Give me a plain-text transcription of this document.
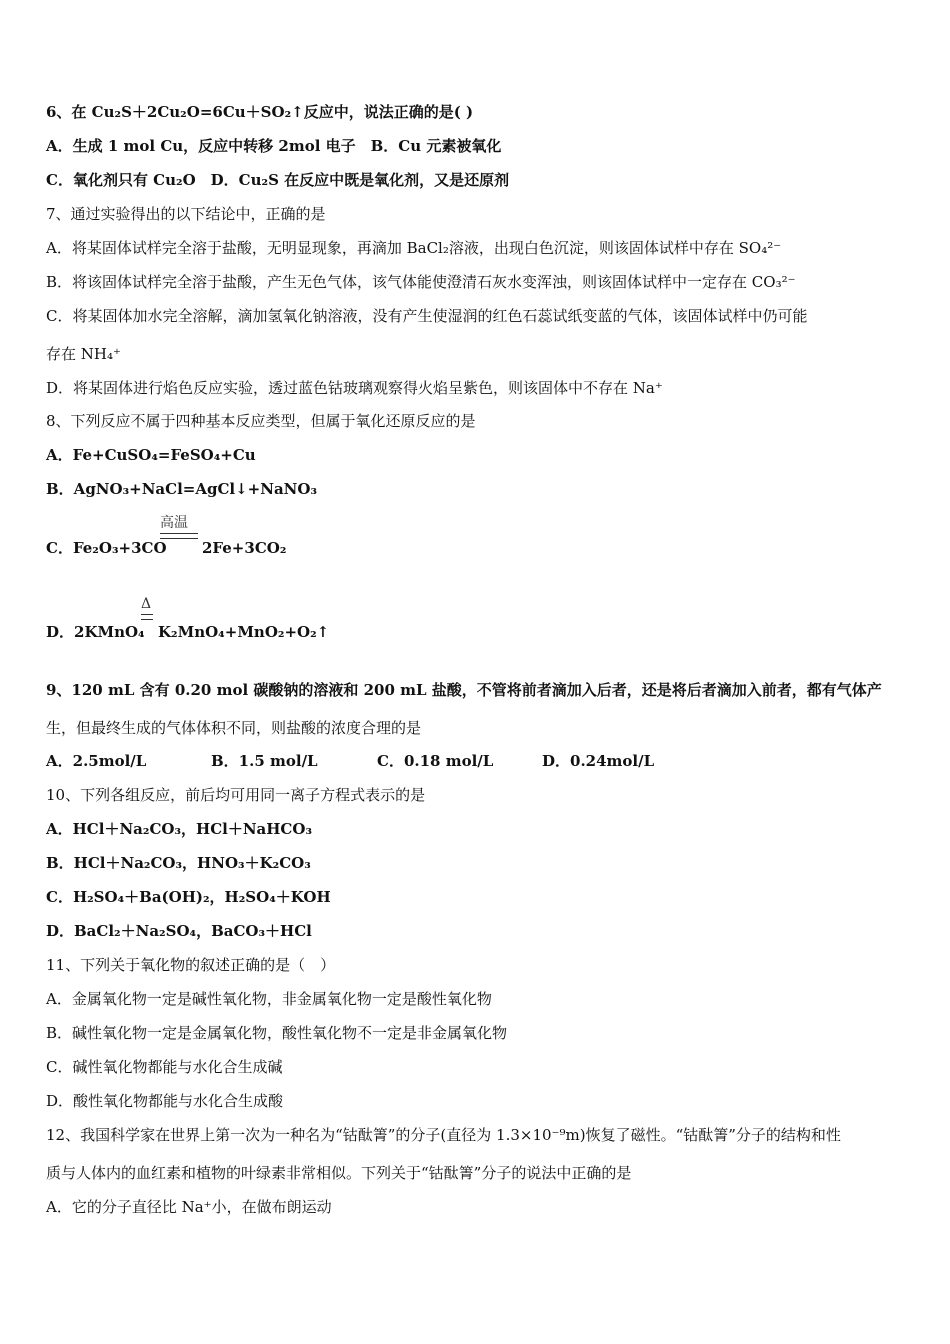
6、在 Cu₂S＋2Cu₂O=6Cu＋SO₂↑反应中，说法正确的是( )
A．生成 1 mol Cu，反应中转移 2mol 电子　B．Cu 元素被氧化
C．氧化剂只有 Cu₂O　D．Cu₂S 在反应中既是氧化剂，又是还原剂
7、通过实验得出的以下结论中，正确的是
A．将某固体试样完全溶于盐酸，无明显现象，再滴加 BaCl₂溶液，出现白色沉淀，则该固体试样中存在 SO₄²⁻
B．将该固体试样完全溶于盐酸，产生无色气体，该气体能使澄清石灰水变浑浊，则该固体试样中一定存在 CO₃²⁻
C．将某固体加水完全溶解，滴加氢氧化钠溶液，没有产生使湿润的红色石蕊试纸变蓝的气体，该固体试样中仍可能
存在 NH₄⁺
D．将某固体进行焰色反应实验，透过蓝色钴玻璃观察得火焰呈紫色，则该固体中不存在 Na⁺
8、下列反应不属于四种基本反应类型，但属于氧化还原反应的是
A．Fe+CuSO₄=FeSO₄+Cu
B．AgNO₃+NaCl=AgCl↓+NaNO₃
C．Fe₂O₃+3CO
高温
2Fe+3CO₂
D．2KMnO₄
Δ
K₂MnO₄+MnO₂+O₂↑
9、120 mL 含有 0.20 mol 碳酸钠的溶液和 200 mL 盐酸，不管将前者滴加入后者，还是将后者滴加入前者，都有气体产
生，但最终生成的气体体积不同，则盐酸的浓度合理的是
A．2.5mol/L	B．1.5 mol/L	C．0.18 mol/L	D．0.24mol/L
10、下列各组反应，前后均可用同一离子方程式表示的是
A．HCl＋Na₂CO₃，HCl＋NaHCO₃
B．HCl＋Na₂CO₃，HNO₃＋K₂CO₃
C．H₂SO₄＋Ba(OH)₂，H₂SO₄＋KOH
D．BaCl₂＋Na₂SO₄，BaCO₃＋HCl
11、下列关于氧化物的叙述正确的是（　）
A．金属氧化物一定是碱性氧化物，非金属氧化物一定是酸性氧化物
B．碱性氧化物一定是金属氧化物，酸性氧化物不一定是非金属氧化物
C．碱性氧化物都能与水化合生成碱
D．酸性氧化物都能与水化合生成酸
12、我国科学家在世界上第一次为一种名为“钴酞箐”的分子(直径为 1.3×10⁻⁹m)恢复了磁性。“钴酞箐”分子的结构和性
质与人体内的血红素和植物的叶绿素非常相似。下列关于“钴酞箐”分子的说法中正确的是
A．它的分子直径比 Na⁺小，在做布朗运动
